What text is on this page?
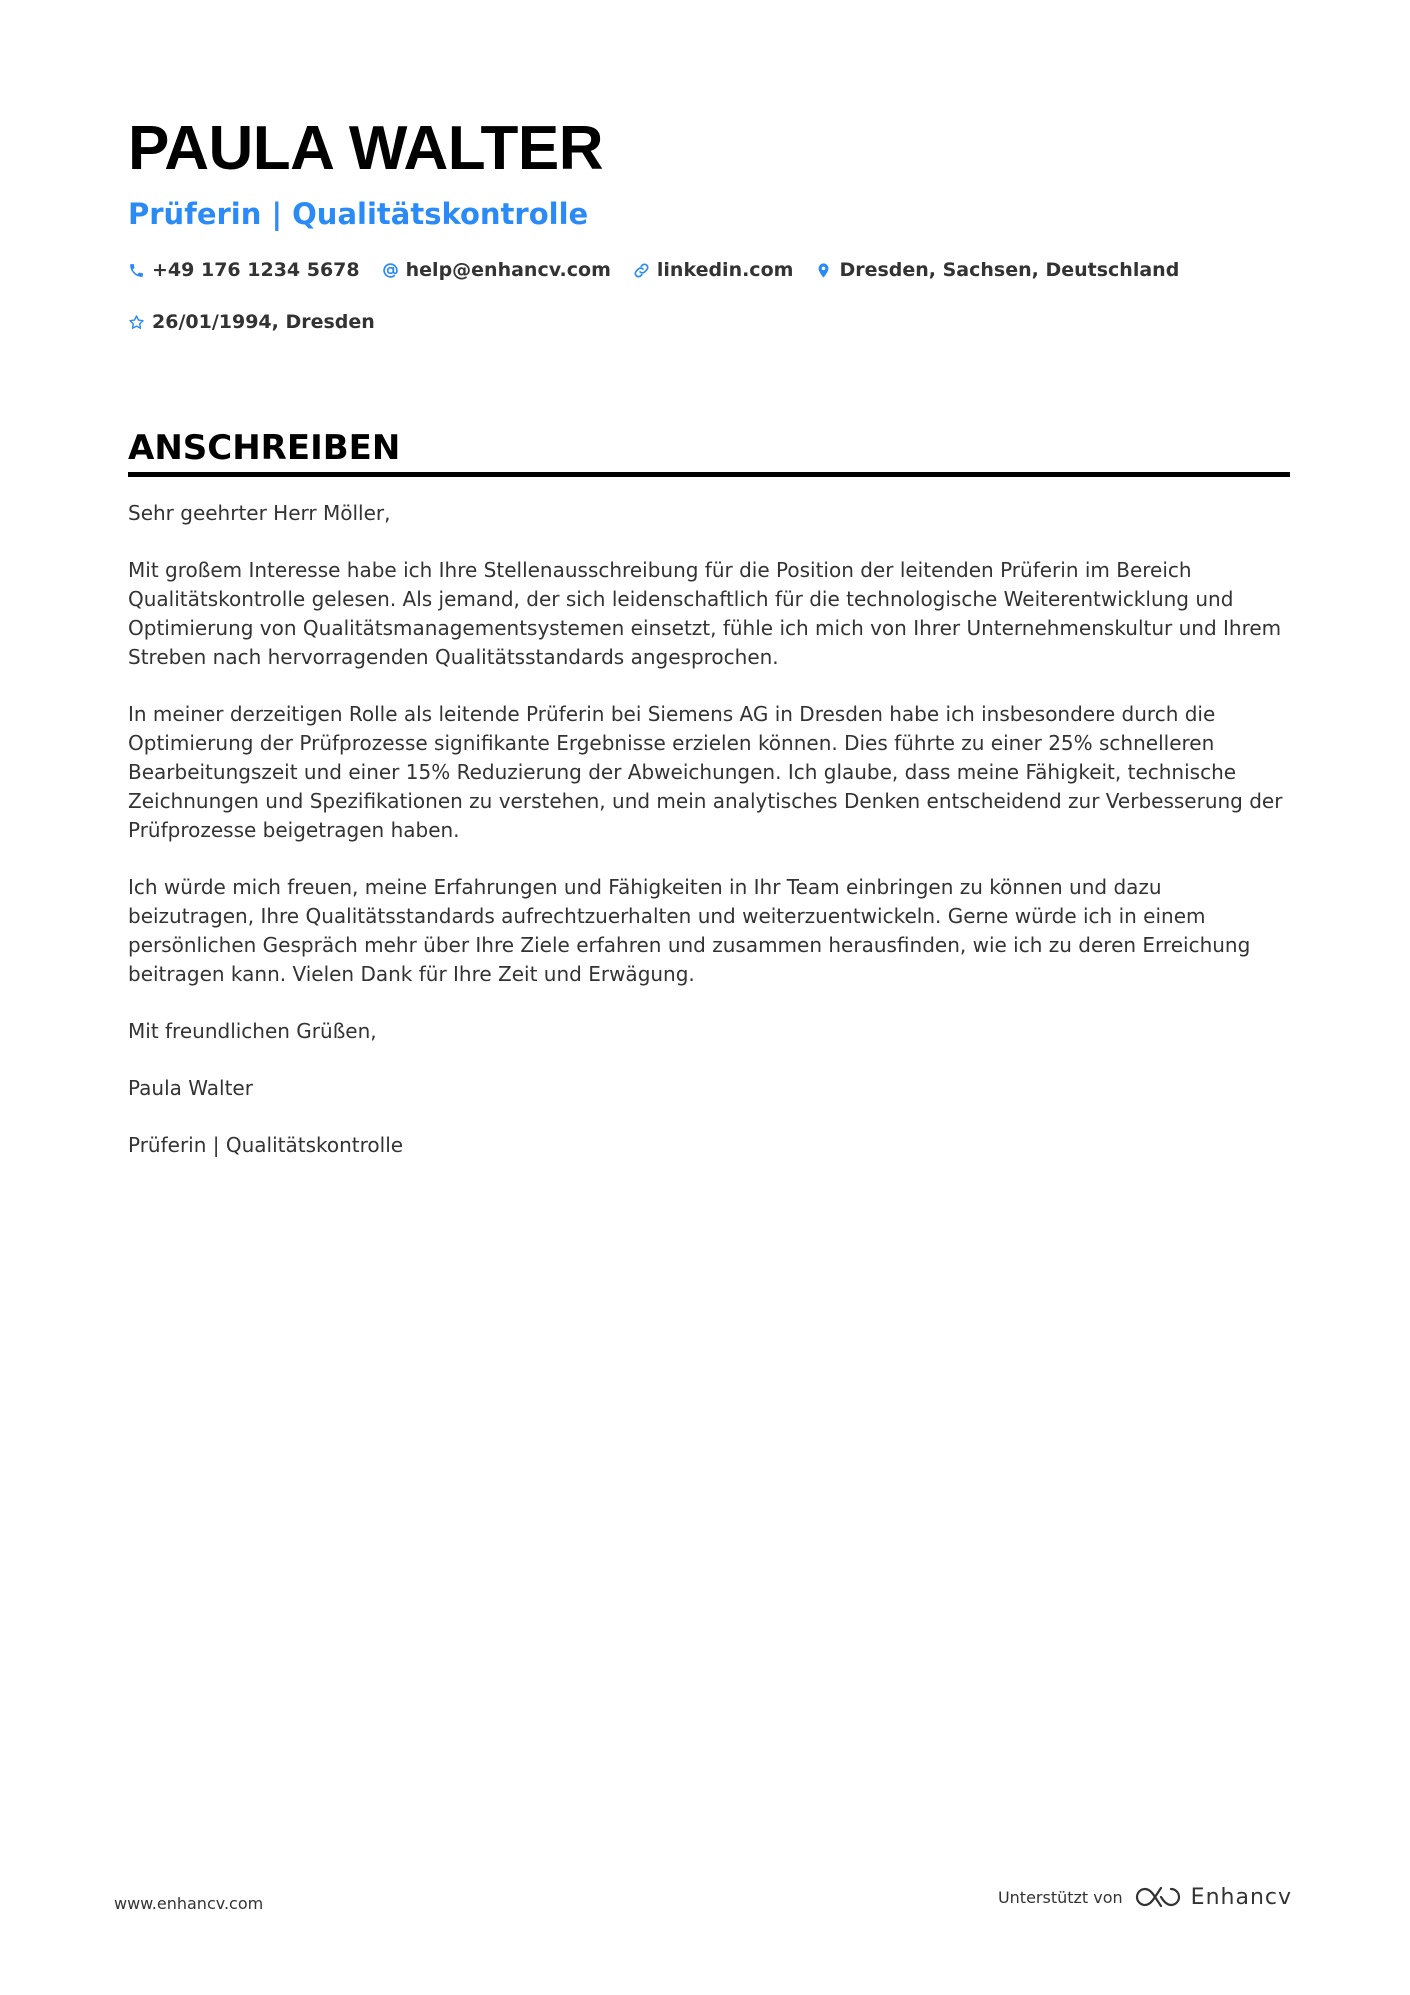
PAULA WALTER
Prüferin | Qualitätskontrolle
+49 176 1234 5678 help@enhancv.com linkedin.com Dresden, Sachsen, Deutschland
26/01/1994, Dresden
ANSCHREIBEN

Sehr geehrter Herr Möller,

Mit großem Interesse habe ich Ihre Stellenausschreibung für die Position der leitenden Prüferin im Bereich Qualitätskontrolle gelesen. Als jemand, der sich leidenschaftlich für die technologische Weiterentwicklung und Optimierung von Qualitätsmanagementsystemen einsetzt, fühle ich mich von Ihrer Unternehmenskultur und Ihrem Streben nach hervorragenden Qualitätsstandards angesprochen.

In meiner derzeitigen Rolle als leitende Prüferin bei Siemens AG in Dresden habe ich insbesondere durch die Optimierung der Prüfprozesse signifikante Ergebnisse erzielen können. Dies führte zu einer 25% schnelleren Bearbeitungszeit und einer 15% Reduzierung der Abweichungen. Ich glaube, dass meine Fähigkeit, technische Zeichnungen und Spezifikationen zu verstehen, und mein analytisches Denken entscheidend zur Verbesserung der Prüfprozesse beigetragen haben.

Ich würde mich freuen, meine Erfahrungen und Fähigkeiten in Ihr Team einbringen zu können und dazu beizutragen, Ihre Qualitätsstandards aufrechtzuerhalten und weiterzuentwickeln. Gerne würde ich in einem persönlichen Gespräch mehr über Ihre Ziele erfahren und zusammen herausfinden, wie ich zu deren Erreichung beitragen kann. Vielen Dank für Ihre Zeit und Erwägung.

Mit freundlichen Grüßen,

Paula Walter

Prüferin | Qualitätskontrolle

www.enhancv.com	Unterstützt von	Enhancv
